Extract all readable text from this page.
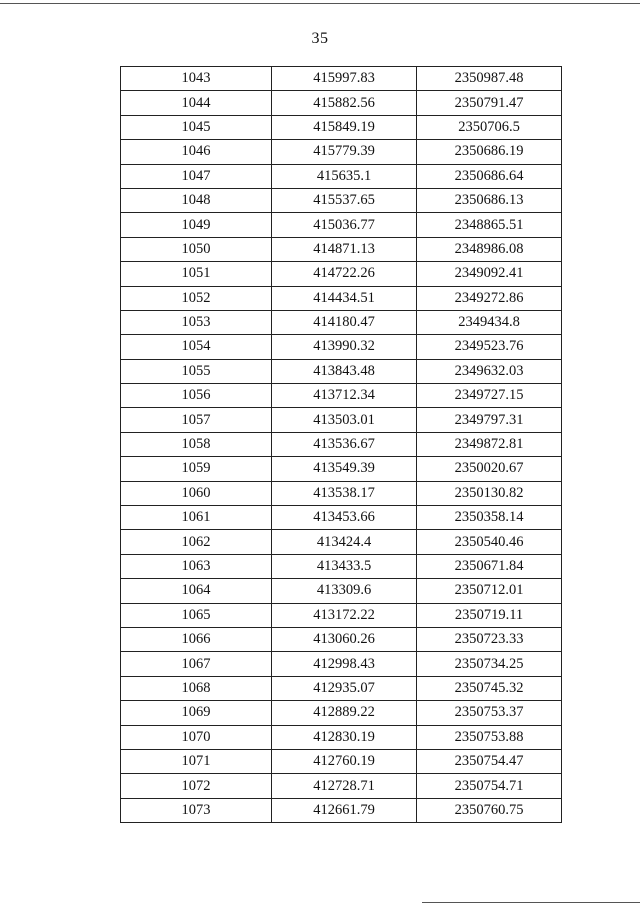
35
1043	415997.83	2350987.48
1044	415882.56	2350791.47
1045	415849.19	2350706.5
1046	415779.39	2350686.19
1047	415635.1	2350686.64
1048	415537.65	2350686.13
1049	415036.77	2348865.51
1050	414871.13	2348986.08
1051	414722.26	2349092.41
1052	414434.51	2349272.86
1053	414180.47	2349434.8
1054	413990.32	2349523.76
1055	413843.48	2349632.03
1056	413712.34	2349727.15
1057	413503.01	2349797.31
1058	413536.67	2349872.81
1059	413549.39	2350020.67
1060	413538.17	2350130.82
1061	413453.66	2350358.14
1062	413424.4	2350540.46
1063	413433.5	2350671.84
1064	413309.6	2350712.01
1065	413172.22	2350719.11
1066	413060.26	2350723.33
1067	412998.43	2350734.25
1068	412935.07	2350745.32
1069	412889.22	2350753.37
1070	412830.19	2350753.88
1071	412760.19	2350754.47
1072	412728.71	2350754.71
1073	412661.79	2350760.75
